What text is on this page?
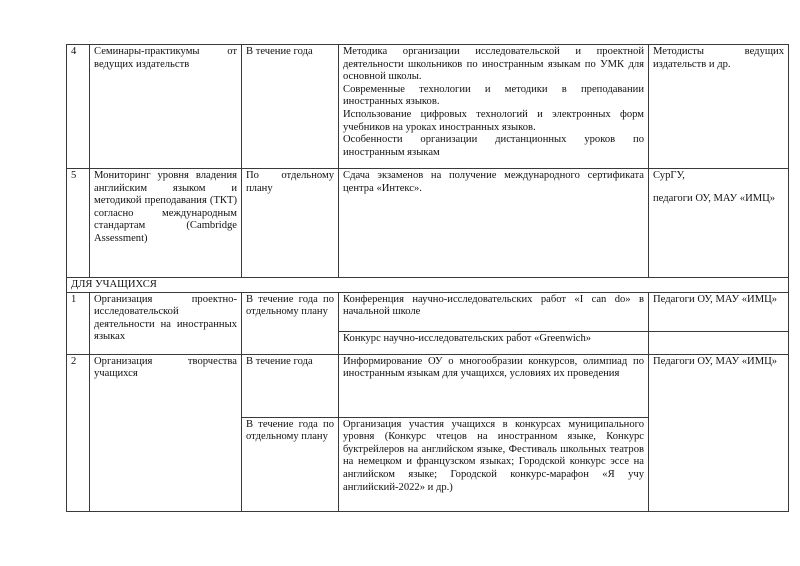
4	Семинары-практикумы от ведущих издательств	В течение года	Методика организации исследовательской и проектной деятельности школьников по иностранным языкам по УМК для основной школы.
Современные технологии и методики в преподавании иностранных языков.
Использование цифровых технологий и электронных форм учебников на уроках иностранных языков.
Особенности организации дистанционных уроков по иностранным языкам	Методисты ведущих издательств и др.
5	Мониторинг уровня владения английским языком и методикой преподавания (ТКТ) согласно международным стандартам (Cambridge Assessment)	По отдельному плану	Сдача экзаменов на получение международного сертификата центра «Интекс».	СурГУ,
педагоги ОУ, МАУ «ИМЦ»

ДЛЯ УЧАЩИХСЯ				
1	Организация проектно-исследовательской деятельности на иностранных языках	В течение года по отдельному плану	Конференция научно-исследовательских работ «I can do» в начальной школе	Педагоги ОУ, МАУ «ИМЦ»
			Конкурс научно-исследовательских работ «Greenwich»	
2	Организация творчества учащихся	В течение года	Информирование ОУ о многообразии конкурсов, олимпиад по иностранным языкам для учащихся, условиях их проведения	Педагоги ОУ, МАУ «ИМЦ»
		В течение года по отдельному плану	Организация участия учащихся в конкурсах муниципального уровня (Конкурс чтецов на иностранном языке, Конкурс буктрейлеров на английском языке, Фестиваль школьных театров на немецком и французском языках; Городской конкурс эссе на английском языке; Городской конкурс-марафон «Я учу английский-2022» и др.)	
